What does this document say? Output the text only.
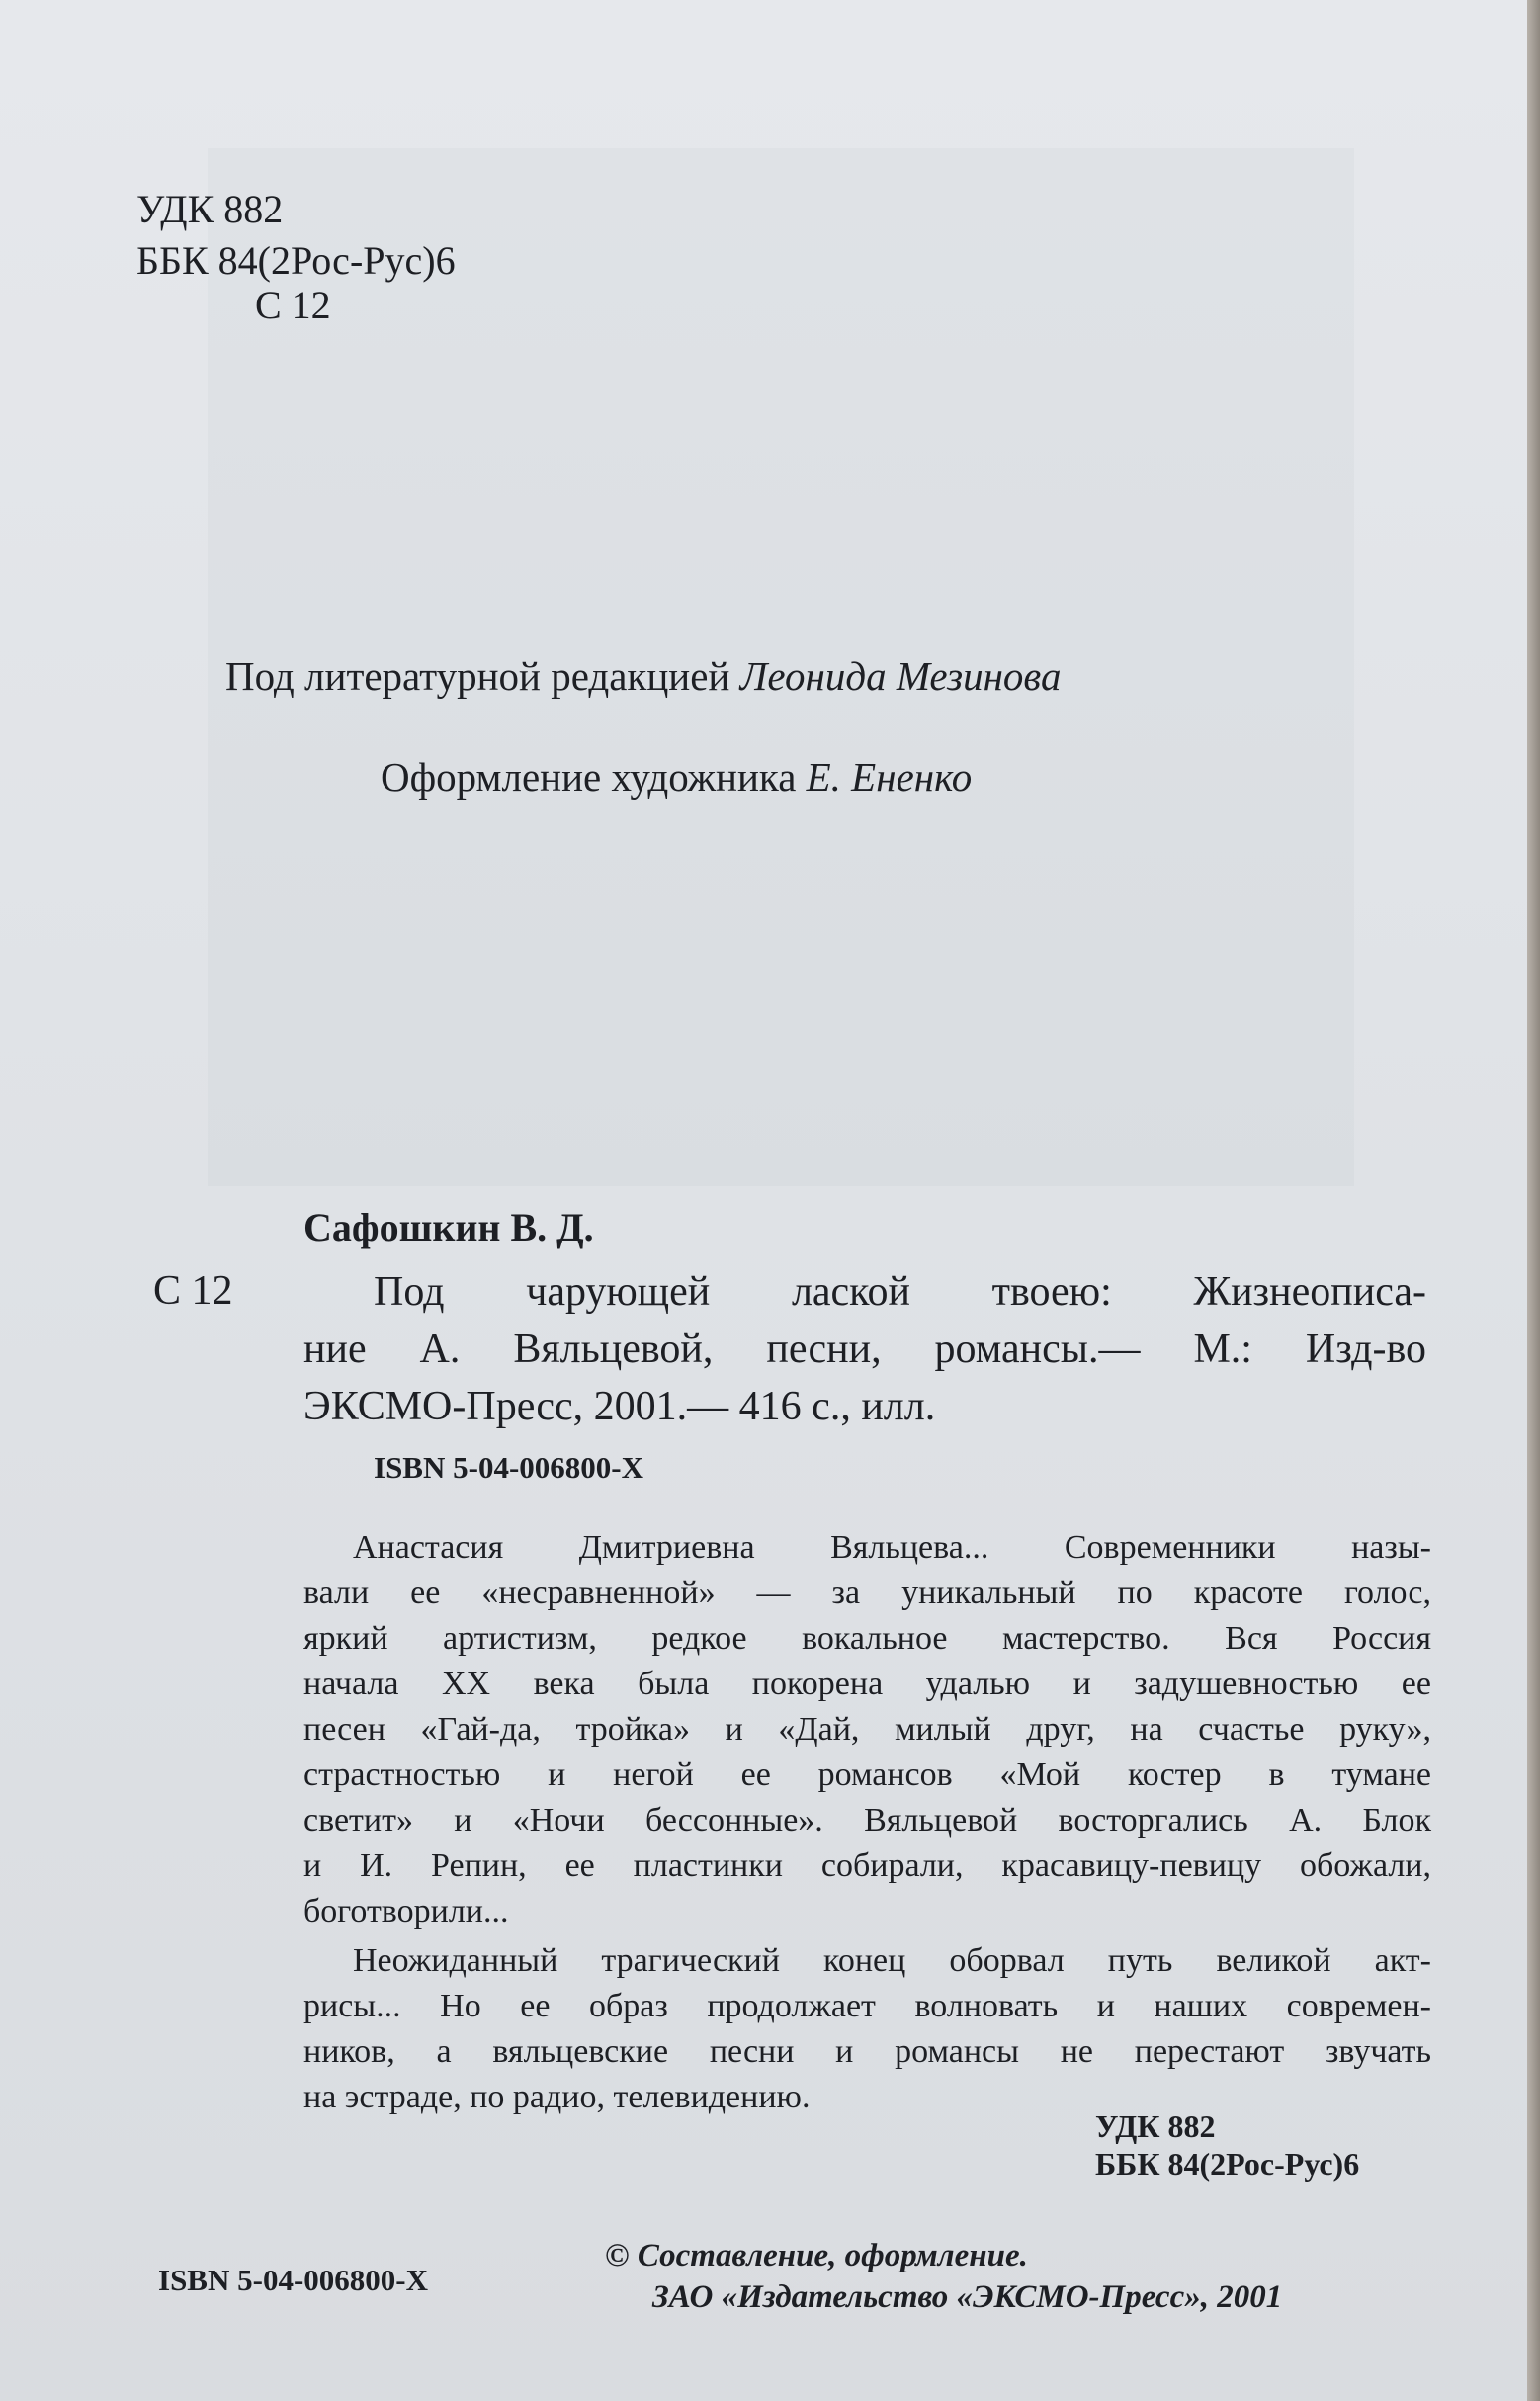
УДК 882
ББК 84(2Рос-Рус)6
С 12
Под литературной редакцией Леонида Мезинова
Оформление художника Е. Ененко
Сафошкин В. Д.
С 12	Под чарующей лаской твоею: Жизнеописа-
ние А. Вяльцевой, песни, романсы.— М.: Изд-во
ЭКСМО-Пресс, 2001.— 416 с., илл.
ISBN 5-04-006800-X
Анастасия Дмитриевна Вяльцева... Современники назы-
вали ее «несравненной» — за уникальный по красоте голос,
яркий артистизм, редкое вокальное мастерство. Вся Россия
начала XX века была покорена удалью и задушевностью ее
песен «Гай-да, тройка» и «Дай, милый друг, на счастье руку»,
страстностью и негой ее романсов «Мой костер в тумане
светит» и «Ночи бессонные». Вяльцевой восторгались А. Блок
и И. Репин, ее пластинки собирали, красавицу-певицу обожали,
боготворили...
Неожиданный трагический конец оборвал путь великой акт-
рисы... Но ее образ продолжает волновать и наших современ-
ников, а вяльцевские песни и романсы не перестают звучать
на эстраде, по радио, телевидению.
УДК 882
ББК 84(2Рос-Рус)6
ISBN 5-04-006800-X
© Составление, оформление.
ЗАО «Издательство «ЭКСМО-Пресс», 2001
